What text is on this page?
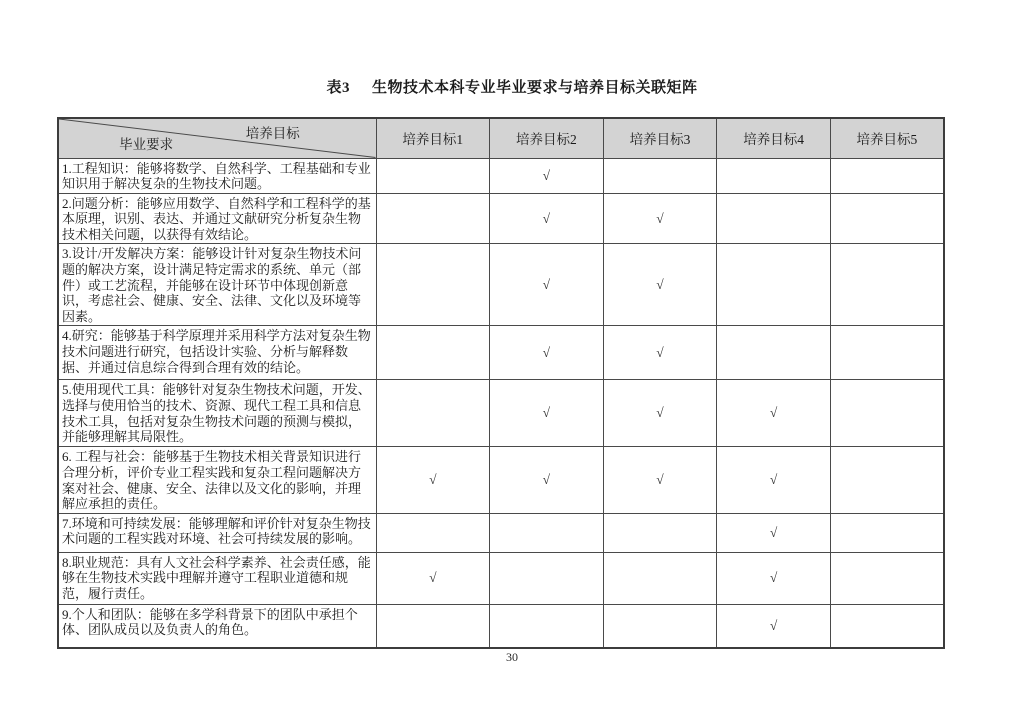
表3 生物技术本科专业毕业要求与培养目标关联矩阵
培养目标
毕业要求	培养目标1	培养目标2	培养目标3	培养目标4	培养目标5
1.工程知识：能够将数学、自然科学、工程基础和专业知识用于解决复杂的生物技术问题。		√			
2.问题分析：能够应用数学、自然科学和工程科学的基本原理，识别、表达、并通过文献研究分析复杂生物技术相关问题，以获得有效结论。		√	√		
3.设计/开发解决方案：能够设计针对复杂生物技术问题的解决方案，设计满足特定需求的系统、单元（部件）或工艺流程，并能够在设计环节中体现创新意识，考虑社会、健康、安全、法律、文化以及环境等因素。		√	√		
4.研究：能够基于科学原理并采用科学方法对复杂生物技术问题进行研究，包括设计实验、分析与解释数据、并通过信息综合得到合理有效的结论。		√	√		
5.使用现代工具：能够针对复杂生物技术问题，开发、选择与使用恰当的技术、资源、现代工程工具和信息技术工具，包括对复杂生物技术问题的预测与模拟，并能够理解其局限性。		√	√	√	
6. 工程与社会：能够基于生物技术相关背景知识进行合理分析，评价专业工程实践和复杂工程问题解决方案对社会、健康、安全、法律以及文化的影响，并理解应承担的责任。	√	√	√	√	
7.环境和可持续发展：能够理解和评价针对复杂生物技术问题的工程实践对环境、社会可持续发展的影响。				√	
8.职业规范：具有人文社会科学素养、社会责任感，能够在生物技术实践中理解并遵守工程职业道德和规范，履行责任。	√			√	
9.个人和团队：能够在多学科背景下的团队中承担个体、团队成员以及负责人的角色。				√	
30
